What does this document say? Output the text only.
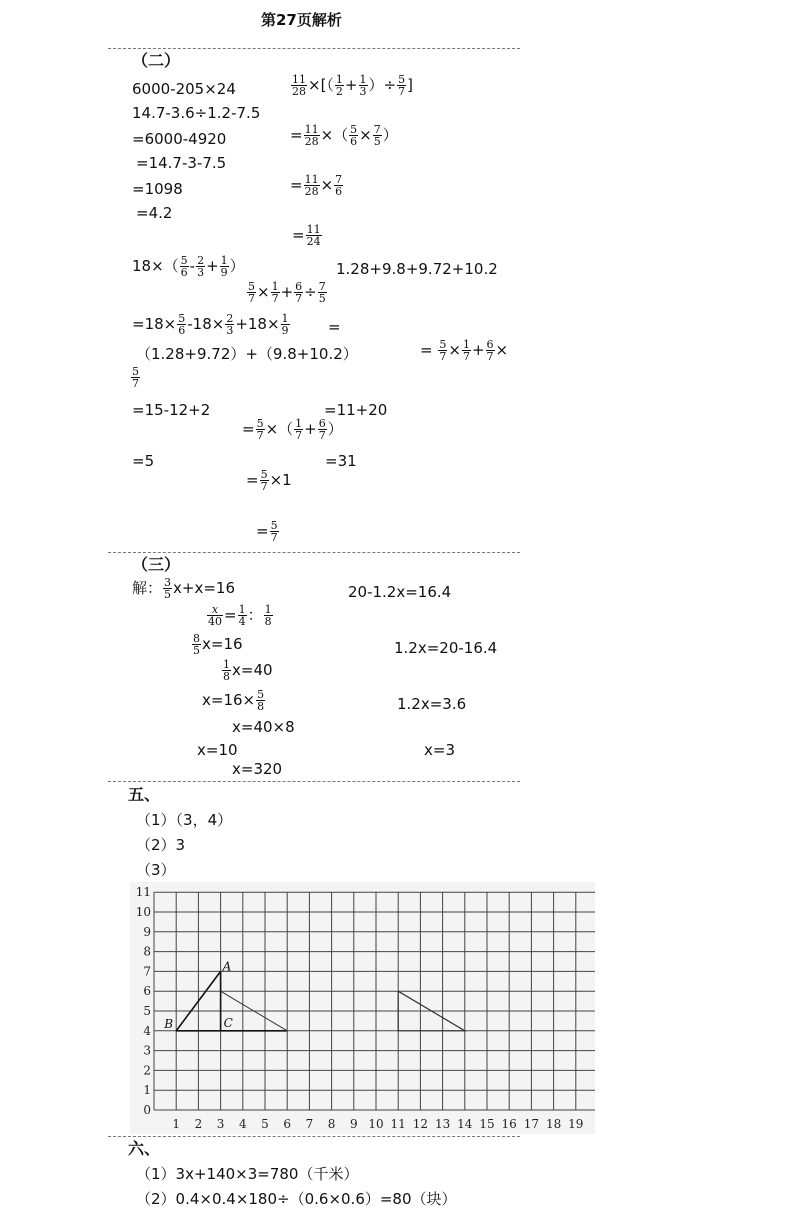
第27页解析
（二）
6000-205×24	$\frac{11}{28}$ ×[（ $\frac{1}{2} + \frac{1}{3}$ ）÷ $\frac{5}{7}$ ]
14.7-3.6÷1.2-7.5
=6000-4920	= $\frac{11}{28}$ ×（ $\frac{5}{6} \times \frac{7}{5}$ ）
=14.7-3-7.5
=1098	= $\frac{11}{28} \times \frac{7}{6}$
=4.2
= $\frac{11}{24}$
$18\times( \frac{5}{6} - \frac{2}{3} + \frac{1}{9}$ ）	1.28+9.8+9.72+10.2
$\frac{5}{7} \times \frac{1}{7} + \frac{6}{7} \div \frac{7}{5}$
$=18\times \frac{5}{6} -18\times \frac{2}{3} +18\times \frac{1}{9}$	=
（1.28+9.72）+（9.8+10.2）	= $\frac{5}{7} \times \frac{1}{7} + \frac{6}{7}$ ×
$\frac{5}{7}$
=15-12+2	=11+20
= $\frac{5}{7}$ ×（ $\frac{1}{7} + \frac{6}{7}$ ）
=5	=31
= $\frac{5}{7} \times 1$
= $\frac{5}{7}$
（三）
解： $\frac{3}{5} x+x=16$	20-1.2x=16.4
$\frac{x}{40} = \frac{1}{4}$ ： $\frac{1}{8}$
$\frac{8}{5} x=16$	1.2x=20-16.4
$\frac{1}{8} x=40$
$x=16\times \frac{5}{8}$	1.2x=3.6
x=40×8
x=10	x=3
x=320
五、
（1）（3，4）
（2）3
（3）
1 2 3 4 5 6 7 8 9 10 11 12 13 14 15 16 17 18 19
0
1
2
3
4
5
6
7
8
9
10
11
A
B	C
六、
（1）3x+140×3=780（千米）
（2）0.4×0.4×180÷（0.6×0.6）=80（块）
